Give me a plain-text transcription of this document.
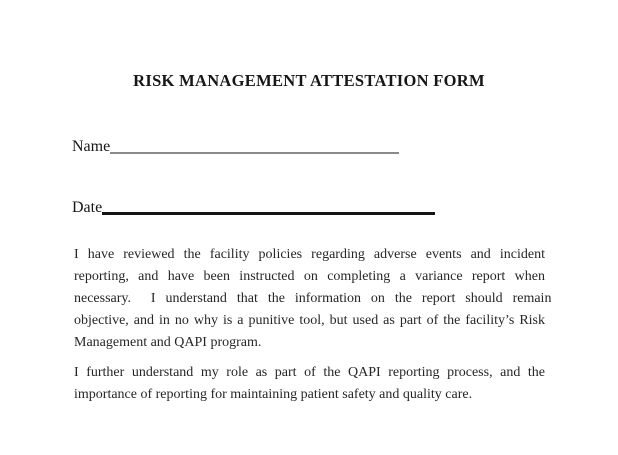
RISK MANAGEMENT ATTESTATION FORM
Name
Date
I have reviewed the facility policies regarding adverse events and incident
reporting, and have been instructed on completing a variance report when
necessary.  I understand that the information on the report should remain
objective, and in no why is a punitive tool, but used as part of the facility’s Risk
Management and QAPI program.
I further understand my role as part of the QAPI reporting process, and the
importance of reporting for maintaining patient safety and quality care.
